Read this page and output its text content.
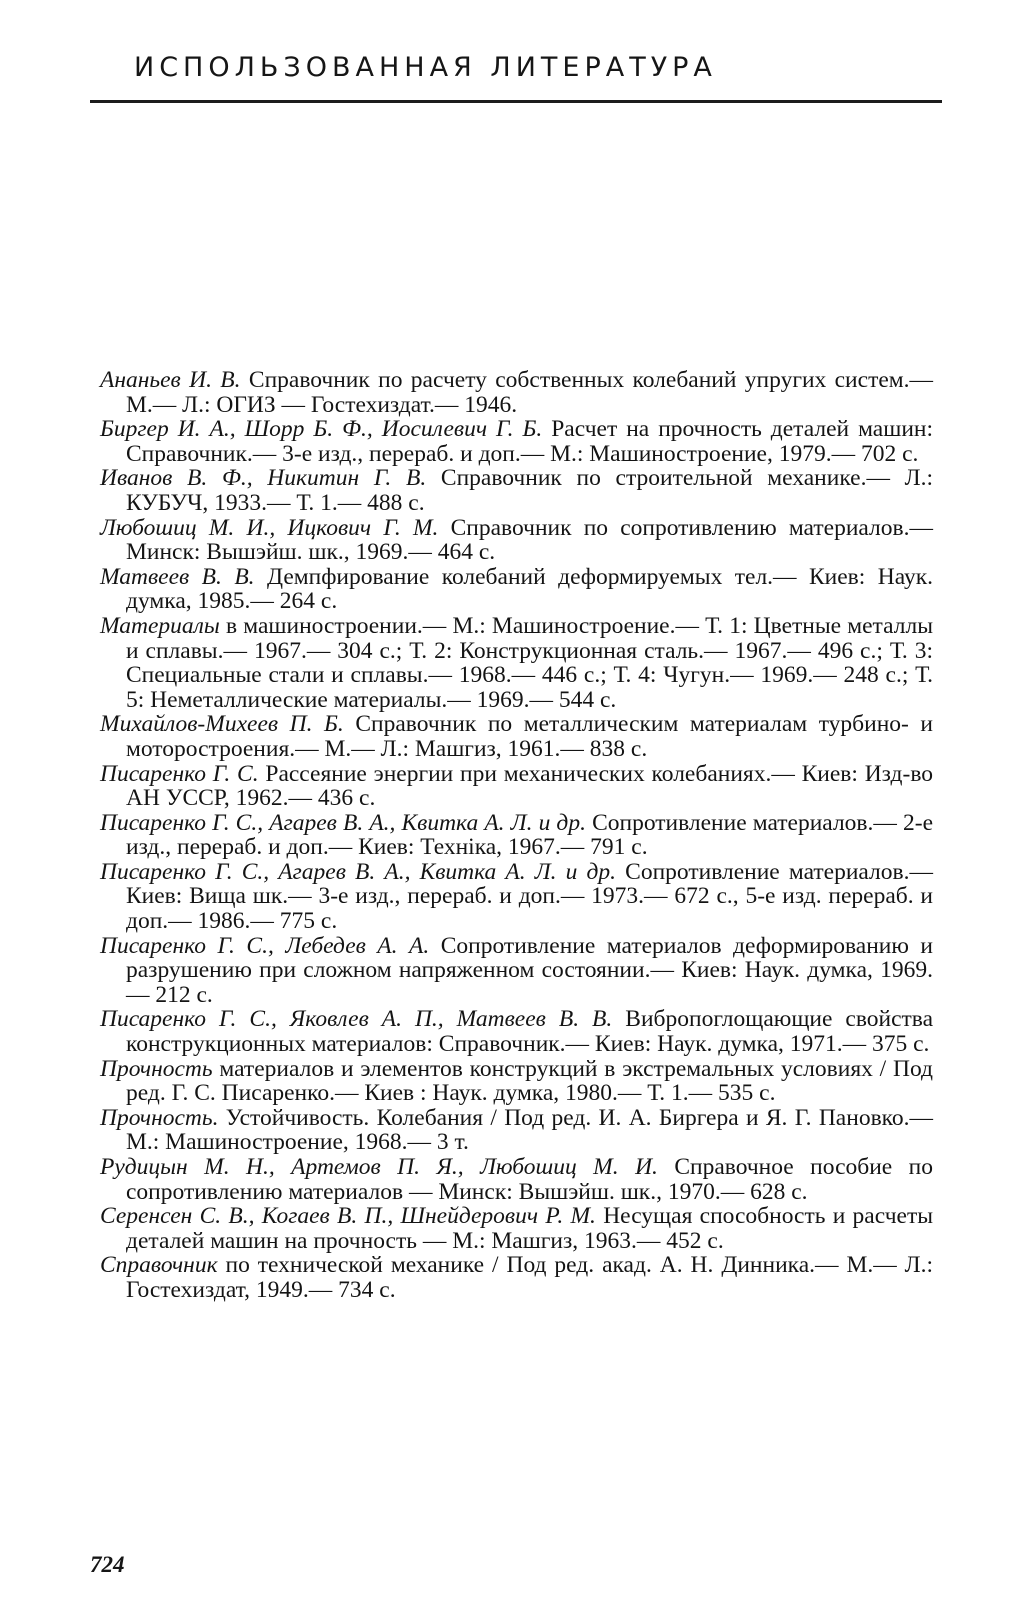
ИСПОЛЬЗОВАННАЯ ЛИТЕРАТУРА

Ананьев И. В. Справочник по расчету собственных колебаний упругих систем.— М.— Л.: ОГИЗ — Гостехиздат.— 1946.

Биргер И. А., Шорр Б. Ф., Иосилевич Г. Б. Расчет на прочность деталей машин: Справочник.— 3-е изд., перераб. и доп.— М.: Машиностроение, 1979.— 702 с.

Иванов В. Ф., Никитин Г. В. Справочник по строительной механике.— Л.: КУБУЧ, 1933.— Т. 1.— 488 с.

Любошиц М. И., Ицкович Г. М. Справочник по сопротивлению материалов.— Минск: Вышэйш. шк., 1969.— 464 с.

Матвеев В. В. Демпфирование колебаний деформируемых тел.— Киев: Наук. думка, 1985.— 264 с.

Материалы в машиностроении.— М.: Машиностроение.— Т. 1: Цветные металлы и сплавы.— 1967.— 304 с.; Т. 2: Конструкционная сталь.— 1967.— 496 с.; Т. 3: Специальные стали и сплавы.— 1968.— 446 с.; Т. 4: Чугун.— 1969.— 248 с.; Т. 5: Неметаллические материалы.— 1969.— 544 с.

Михайлов-Михеев П. Б. Справочник по металлическим материалам турбино- и моторостроения.— М.— Л.: Машгиз, 1961.— 838 с.

Писаренко Г. С. Рассеяние энергии при механических колебаниях.— Киев: Изд-во АН УССР, 1962.— 436 с.

Писаренко Г. С., Агарев В. А., Квитка А. Л. и др. Сопротивление материалов.— 2-е изд., перераб. и доп.— Киев: Техніка, 1967.— 791 с.

Писаренко Г. С., Агарев В. А., Квитка А. Л. и др. Сопротивление материалов.— Киев: Вища шк.— 3-е изд., перераб. и доп.— 1973.— 672 с., 5-е изд. перераб. и доп.— 1986.— 775 с.

Писаренко Г. С., Лебедев А. А. Сопротивление материалов деформированию и разрушению при сложном напряженном состоянии.— Киев: Наук. думка, 1969.— 212 с.

Писаренко Г. С., Яковлев А. П., Матвеев В. В. Вибропоглощающие свойства конструкционных материалов: Справочник.— Киев: Наук. думка, 1971.— 375 с.

Прочность материалов и элементов конструкций в экстремальных условиях / Под ред. Г. С. Писаренко.— Киев : Наук. думка, 1980.— Т. 1.— 535 с.

Прочность. Устойчивость. Колебания / Под ред. И. А. Биргера и Я. Г. Пановко.— М.: Машиностроение, 1968.— 3 т.

Рудицын М. Н., Артемов П. Я., Любошиц М. И. Справочное пособие по сопротивлению материалов — Минск: Вышэйш. шк., 1970.— 628 с.

Серенсен С. В., Когаев В. П., Шнейдерович Р. М. Несущая способность и расчеты деталей машин на прочность — М.: Машгиз, 1963.— 452 с.

Справочник по технической механике / Под ред. акад. А. Н. Динника.— М.— Л.: Гостехиздат, 1949.— 734 с.

724
